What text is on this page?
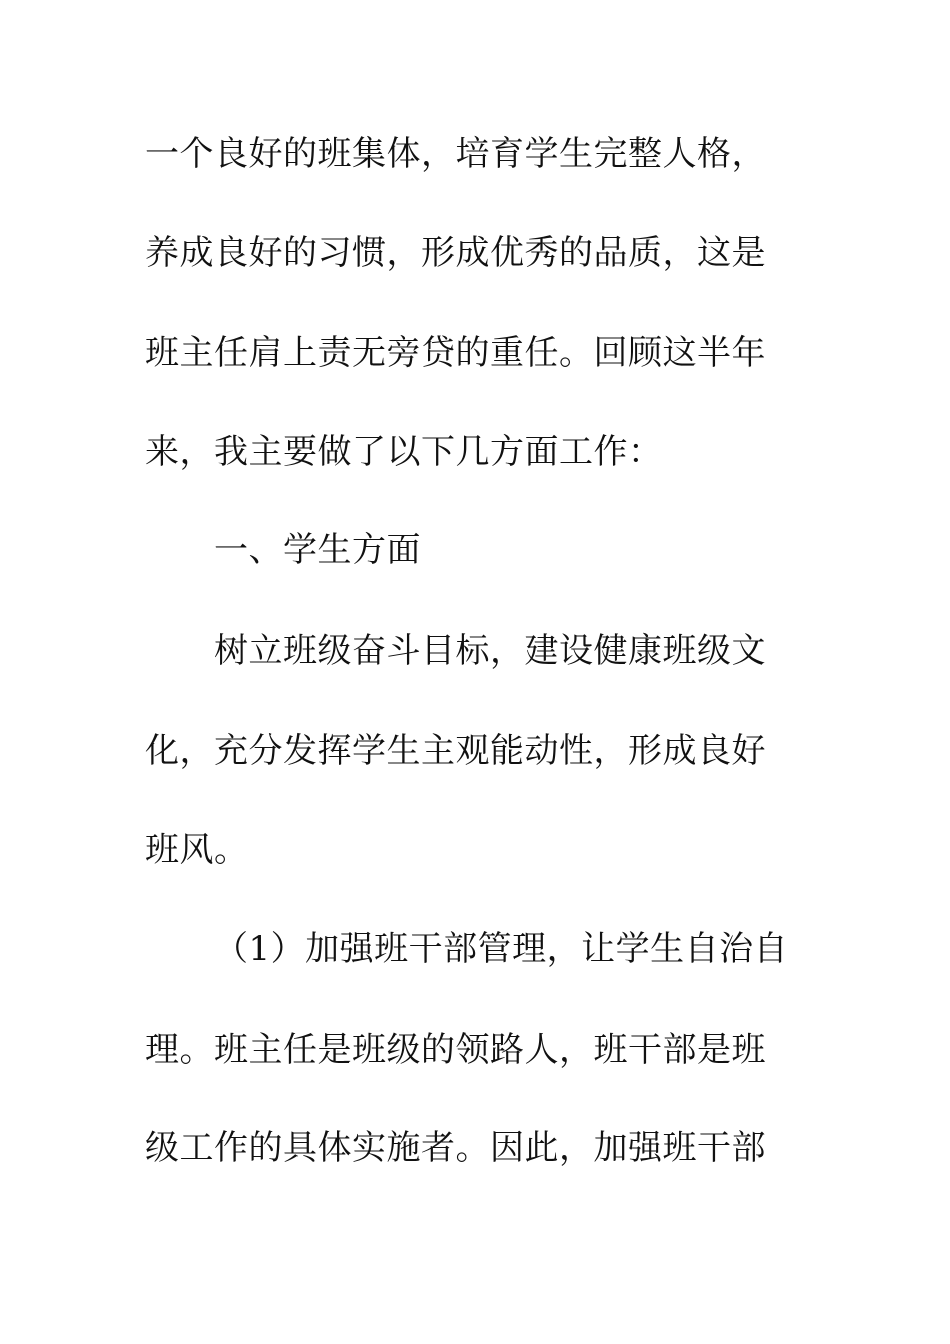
一个良好的班集体，培育学生完整人格，
养成良好的习惯，形成优秀的品质，这是
班主任肩上责无旁贷的重任。回顾这半年
来，我主要做了以下几方面工作：
一、学生方面
树立班级奋斗目标，建设健康班级文
化，充分发挥学生主观能动性，形成良好
班风。
（1）加强班干部管理，让学生自治自
理。班主任是班级的领路人，班干部是班
级工作的具体实施者。因此，加强班干部
